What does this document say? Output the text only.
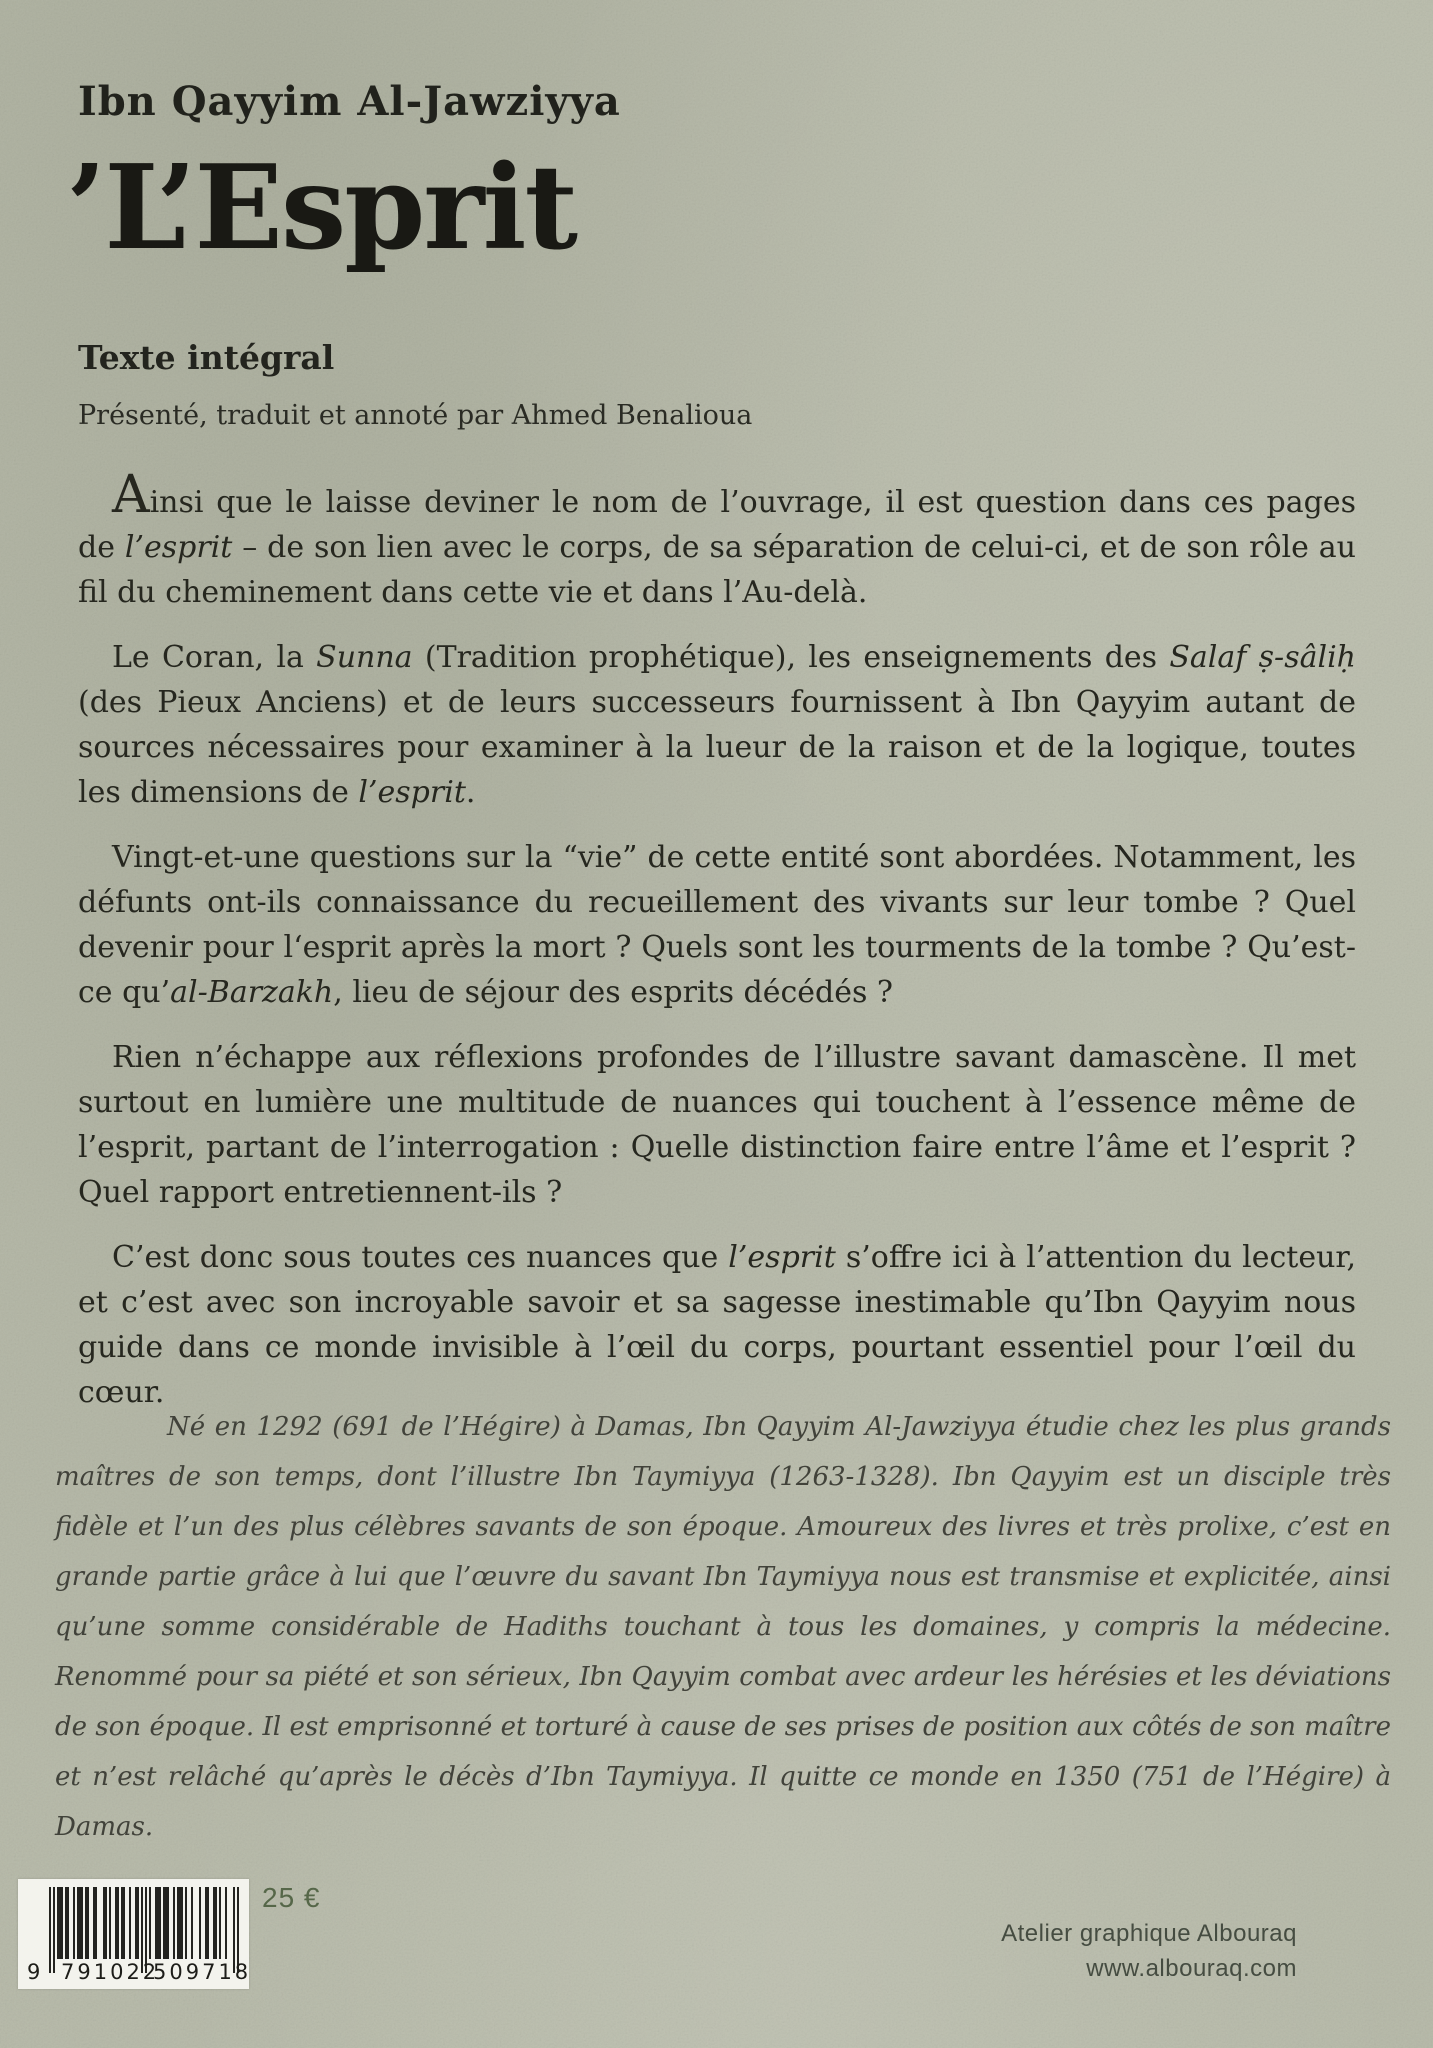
Ibn Qayyim Al-Jawziyya
’L’Esprit
Texte intégral
Présenté, traduit et annoté par Ahmed Benalioua

Ainsi que le laisse deviner le nom de l’ouvrage, il est question dans ces pages de l’esprit – de son lien avec le corps, de sa séparation de celui-ci, et de son rôle au fil du cheminement dans cette vie et dans l’Au-delà.

Le Coran, la Sunna (Tradition prophétique), les enseignements des Salaf ṣ-sâliḥ (des Pieux Anciens) et de leurs successeurs fournissent à Ibn Qayyim autant de sources nécessaires pour examiner à la lueur de la raison et de la logique, toutes les dimensions de l’esprit.

Vingt-et-une questions sur la “vie” de cette entité sont abordées. Notamment, les défunts ont-ils connaissance du recueillement des vivants sur leur tombe ? Quel devenir pour l‘esprit après la mort ? Quels sont les tourments de la tombe ? Qu’est-ce qu’al-Barzakh, lieu de séjour des esprits décédés ?

Rien n’échappe aux réflexions profondes de l’illustre savant damascène. Il met surtout en lumière une multitude de nuances qui touchent à l’essence même de l’esprit, partant de l’interrogation : Quelle distinction faire entre l’âme et l’esprit ? Quel rapport entretiennent-ils ?

C’est donc sous toutes ces nuances que l’esprit s’offre ici à l’attention du lecteur, et c’est avec son incroyable savoir et sa sagesse inestimable qu’Ibn Qayyim nous guide dans ce monde invisible à l’œil du corps, pourtant essentiel pour l’œil du cœur.

Né en 1292 (691 de l’Hégire) à Damas, Ibn Qayyim Al-Jawziyya étudie chez les plus grands maîtres de son temps, dont l’illustre Ibn Taymiyya (1263-1328). Ibn Qayyim est un disciple très fidèle et l’un des plus célèbres savants de son époque. Amoureux des livres et très prolixe, c’est en grande partie grâce à lui que l’œuvre du savant Ibn Taymiyya nous est transmise et explicitée, ainsi qu’une somme considérable de Hadiths touchant à tous les domaines, y compris la médecine. Renommé pour sa piété et son sérieux, Ibn Qayyim combat avec ardeur les hérésies et les déviations de son époque. Il est emprisonné et torturé à cause de ses prises de position aux côtés de son maître et n’est relâché qu’après le décès d’Ibn Taymiyya. Il quitte ce monde en 1350 (751 de l’Hégire) à Damas.

9 791022
509718
25 €
Atelier graphique Albouraq
www.albouraq.com
